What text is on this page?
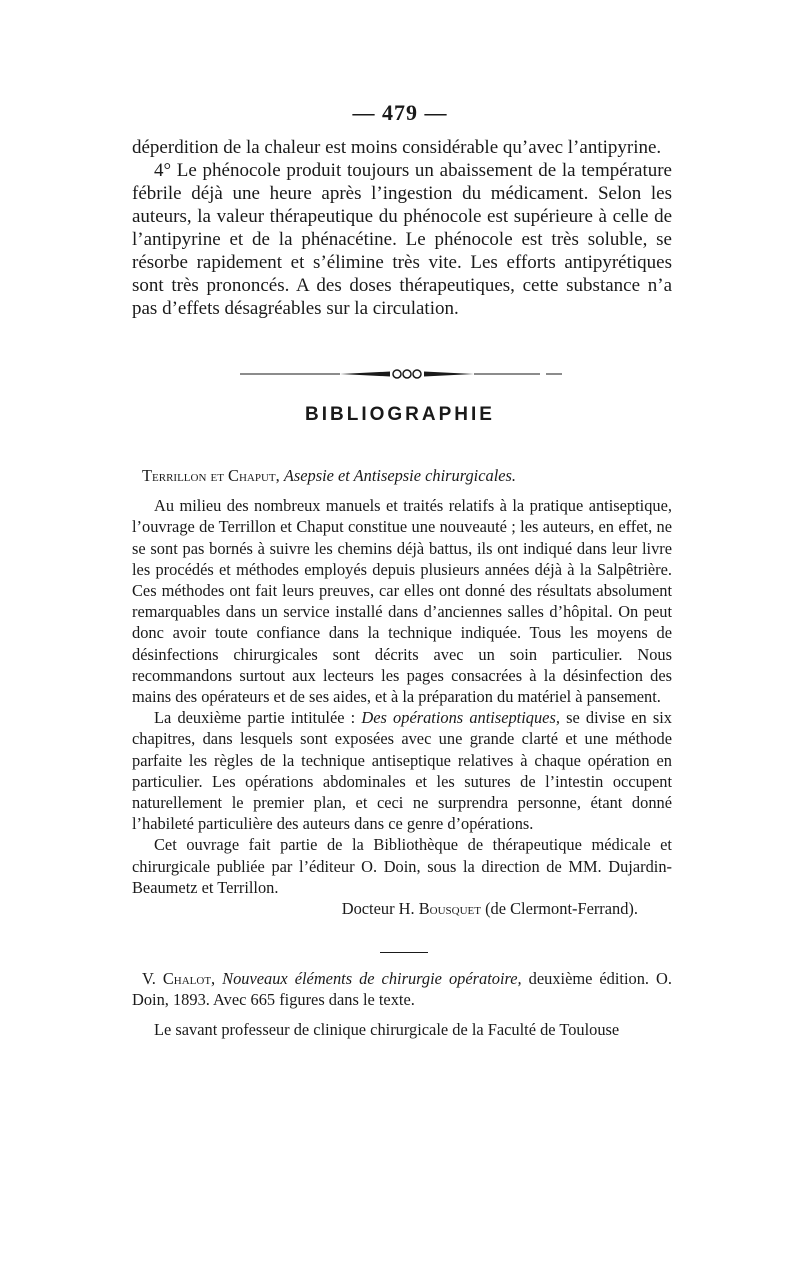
— 479 —

déperdition de la chaleur est moins considérable qu’avec l’antipyrine.

4° Le phénocole produit toujours un abaissement de la température fébrile déjà une heure après l’ingestion du médicament. Selon les auteurs, la valeur thérapeutique du phénocole est supérieure à celle de l’antipyrine et de la phénacétine. Le phénocole est très soluble, se résorbe rapidement et s’élimine très vite. Les efforts antipyrétiques sont très prononcés. A des doses thérapeutiques, cette substance n’a pas d’effets désagréables sur la circulation.

BIBLIOGRAPHIE

Terrillon et Chaput, Asepsie et Antisepsie chirurgicales.

Au milieu des nombreux manuels et traités relatifs à la pratique antiseptique, l’ouvrage de Terrillon et Chaput constitue une nouveauté ; les auteurs, en effet, ne se sont pas bornés à suivre les chemins déjà battus, ils ont indiqué dans leur livre les procédés et méthodes employés depuis plusieurs années déjà à la Salpêtrière. Ces méthodes ont fait leurs preuves, car elles ont donné des résultats absolument remarquables dans un service installé dans d’anciennes salles d’hôpital. On peut donc avoir toute confiance dans la technique indiquée. Tous les moyens de désinfections chirurgicales sont décrits avec un soin particulier. Nous recommandons surtout aux lecteurs les pages consacrées à la désinfection des mains des opérateurs et de ses aides, et à la préparation du matériel à pansement.

La deuxième partie intitulée : Des opérations antiseptiques, se divise en six chapitres, dans lesquels sont exposées avec une grande clarté et une méthode parfaite les règles de la technique antiseptique relatives à chaque opération en particulier. Les opérations abdominales et les sutures de l’intestin occupent naturellement le premier plan, et ceci ne surprendra personne, étant donné l’habileté particulière des auteurs dans ce genre d’opérations.

Cet ouvrage fait partie de la Bibliothèque de thérapeutique médicale et chirurgicale publiée par l’éditeur O. Doin, sous la direction de MM. Dujardin-Beaumetz et Terrillon.

Docteur H. Bousquet (de Clermont-Ferrand).

V. Chalot, Nouveaux éléments de chirurgie opératoire, deuxième édition. O. Doin, 1893. Avec 665 figures dans le texte.

Le savant professeur de clinique chirurgicale de la Faculté de Toulouse
